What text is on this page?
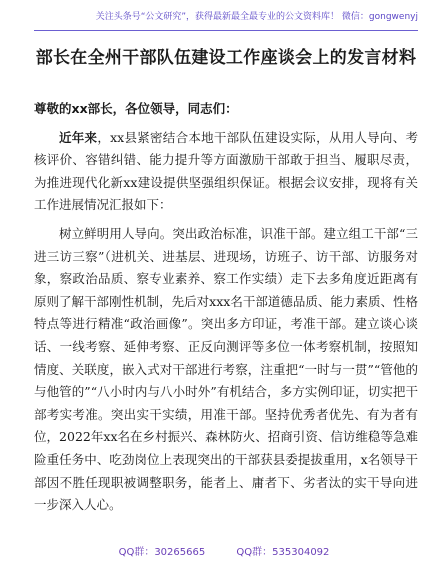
关注头条号“公文研究”，获得最新最全最专业的公文资料库！ 微信：gongwenyj
部长在全州干部队伍建设工作座谈会上的发言材料

尊敬的xx部长，各位领导，同志们：

近年来，xx县紧密结合本地干部队伍建设实际，从用人导向、考核评价、容错纠错、能力提升等方面激励干部敢于担当、履职尽责，为推进现代化新xx建设提供坚强组织保证。根据会议安排，现将有关工作进展情况汇报如下：

树立鲜明用人导向。突出政治标准，识准干部。建立组工干部“三进三访三察”（进机关、进基层、进现场，访班子、访干部、访服务对象，察政治品质、察专业素养、察工作实绩）走下去多角度近距离有原则了解干部刚性机制，先后对xxx名干部道德品质、能力素质、性格特点等进行精准“政治画像”。突出多方印证，考准干部。建立谈心谈话、一线考察、延伸考察、正反向测评等多位一体考察机制，按照知情度、关联度，嵌入式对干部进行考察，注重把“一时与一贯”“管他的与他管的”“八小时内与八小时外”有机结合，多方实例印证，切实把干部考实考准。突出实干实绩，用准干部。坚持优秀者优先、有为者有位，2022年xx名在乡村振兴、森林防火、招商引资、信访维稳等急难险重任务中、吃劲岗位上表现突出的干部获县委提拔重用，x名领导干部因不胜任现职被调整职务，能者上、庸者下、劣者汰的实干导向进一步深入人心。

QQ群：30265665	QQ群：535304092
